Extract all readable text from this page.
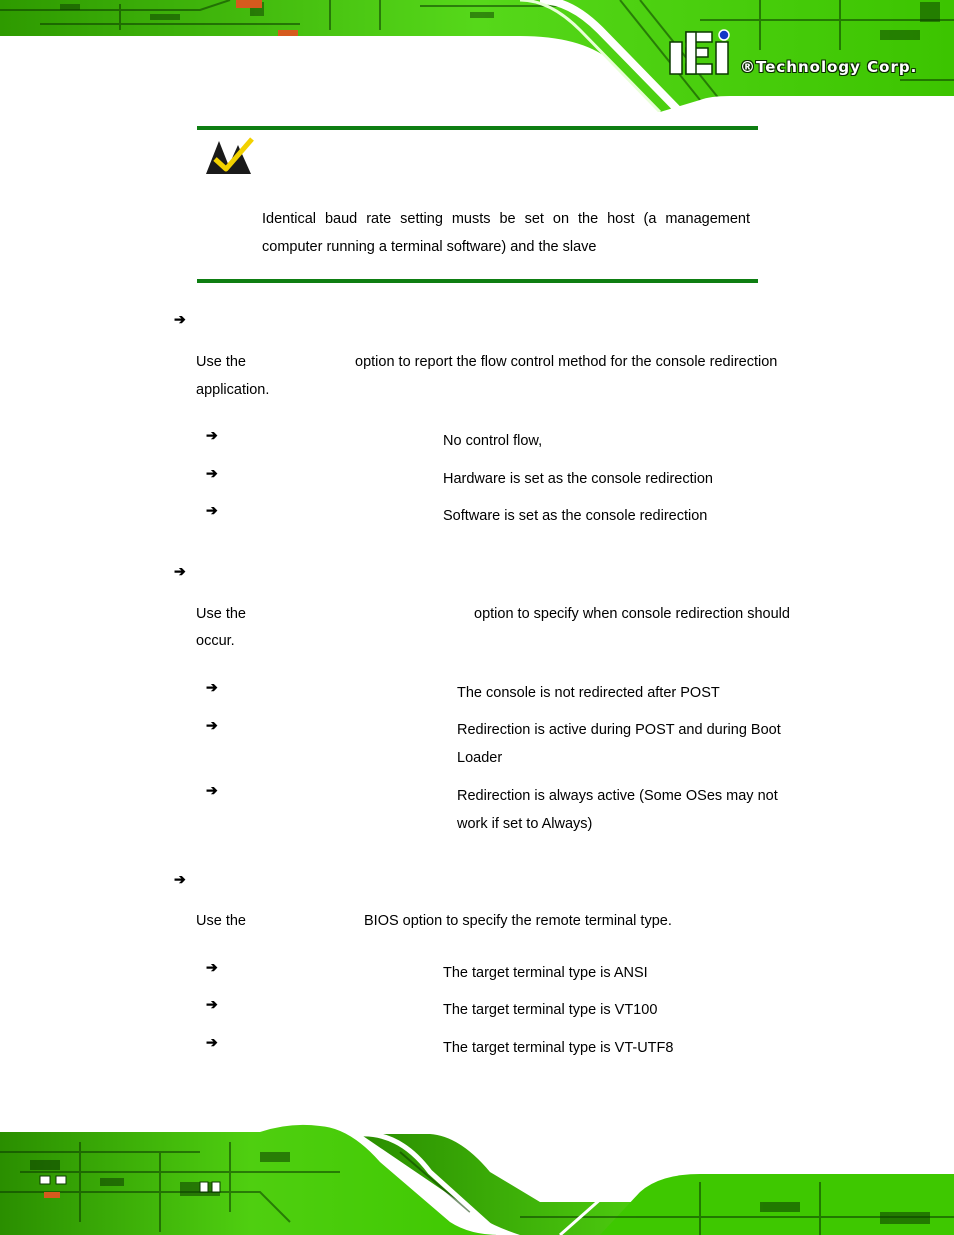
®Technology Corp.
Identical baud rate setting musts be set on the host (a management computer running a terminal software) and the slave
➔
Use the	option to report the flow control method for the console redirection
application.
➔	No control flow,
➔	Hardware is set as the console redirection
➔	Software is set as the console redirection
➔
Use the	option to specify when console redirection should
occur.
➔	The console is not redirected after POST
➔	Redirection is active during POST and during Boot
Loader
➔	Redirection is always active (Some OSes may not
work if set to Always)
➔
Use the	BIOS option to specify the remote terminal type.
➔	The target terminal type is ANSI
➔	The target terminal type is VT100
➔	The target terminal type is VT-UTF8
